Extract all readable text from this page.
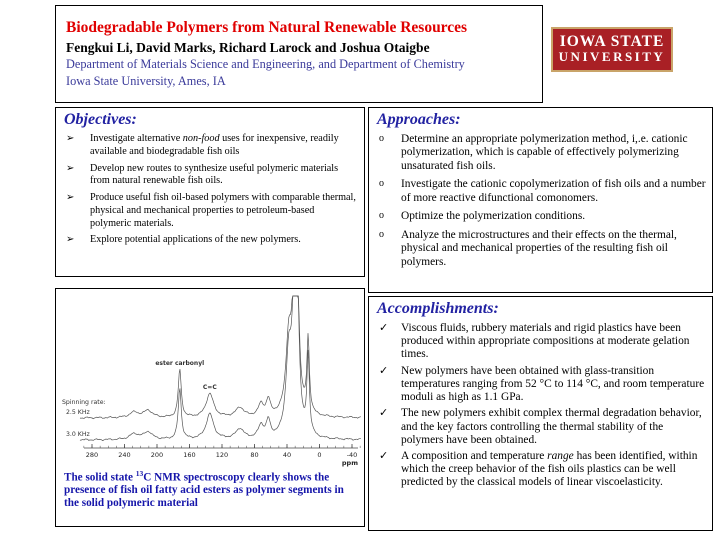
Biodegradable Polymers from Natural Renewable Resources
Fengkui Li, David Marks, Richard Larock and Joshua Otaigbe
Department of Materials Science and Engineering, and Department of Chemistry
Iowa State University, Ames, IA
IOWA STATE
UNIVERSITY
Objectives:
➢	Investigate alternative non-food uses for inexpensive, readily available and biodegradable fish oils
➢	Develop new routes to synthesize useful polymeric materials from natural renewable fish oils.
➢	Produce useful fish oil-based polymers with comparable thermal, physical and mechanical properties to petroleum-based polymeric materials.
➢	Explore potential applications of the new polymers.
Approaches:
o	Determine an appropriate polymerization method, i,.e. cationic polymerization, which is capable of effectively polymerizing unsaturated fish oils.
o	Investigate the cationic copolymerization of fish oils and a number of more reactive difunctional comonomers.
o	Optimize the polymerization conditions.
o	Analyze the microstructures and their effects on the thermal, physical and mechanical properties of the resulting fish oil polymers.
Accomplishments:
✓	Viscous fluids, rubbery materials and rigid plastics have been produced within appropriate compositions at moderate gelation times.
✓	New polymers have been obtained with glass-transition temperatures ranging from 52 °C to 114 °C, and room temperature moduli as high as 1.1 GPa.
✓	The new polymers exhibit complex thermal degradation behavior, and the key factors controlling the thermal stability of the polymers have been obtained.
✓	A composition and temperature range has been identified, within which the creep behavior of the fish oils plastics can be well predicted by the classical models of linear viscoelasticity.
280	240	200	160	120	80	40	0	-40
ppm
ester carbonyl
C=C
Spinning rate:
2.5 KHz
3.0 KHz
The solid state $^{13}$C NMR spectroscopy clearly shows the presence of fish oil fatty acid esters as polymer segments in the solid polymeric material
